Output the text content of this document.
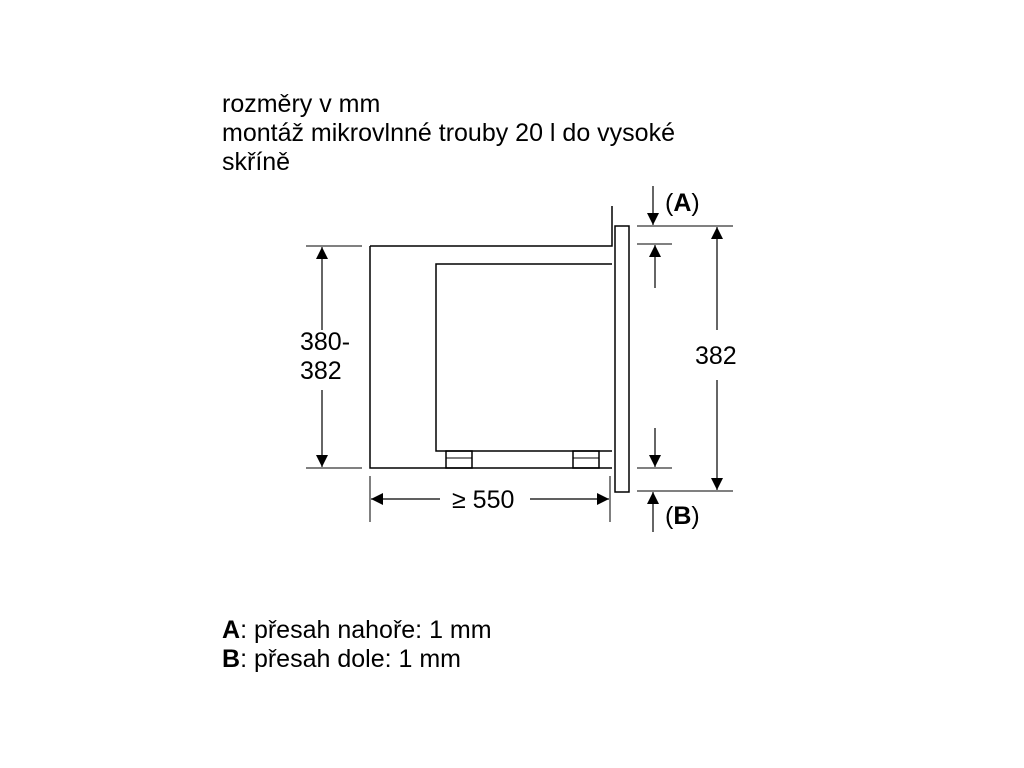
rozměry v mm
montáž mikrovlnné trouby 20 l do vysoké
skříně
380-
382
≥ 550
382
(A)
(B)
A: přesah nahoře: 1 mm
B: přesah dole: 1 mm
